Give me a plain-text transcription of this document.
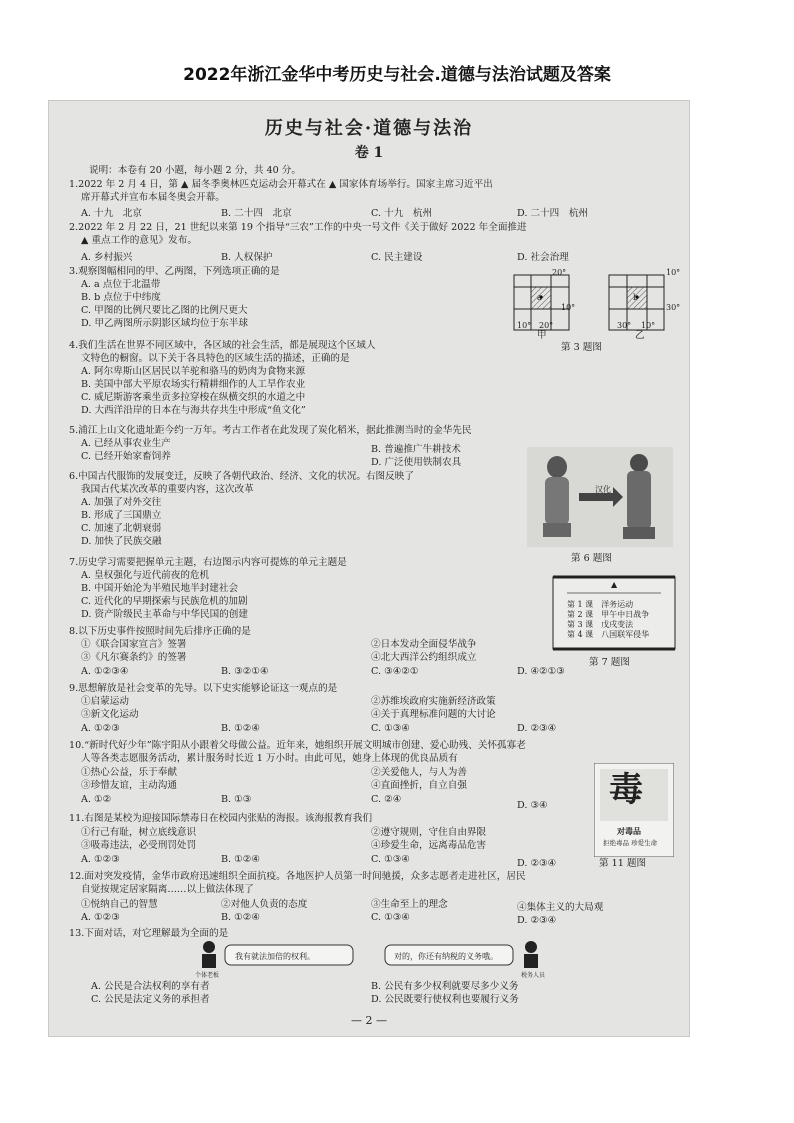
2022年浙江金华中考历史与社会.道德与法治试题及答案
历史与社会·道德与法治
卷 1
说明：本卷有 20 小题，每小题 2 分，共 40 分。
1.2022 年 2 月 4 日，第 ▲ 届冬季奥林匹克运动会开幕式在 ▲ 国家体育场举行。国家主席习近平出
席开幕式并宣布本届冬奥会开幕。
A. 十九　北京	B. 二十四　北京	C. 十九　杭州	D. 二十四　杭州
2.2022 年 2 月 22 日，21 世纪以来第 19 个指导“三农”工作的中央一号文件《关于做好 2022 年全面推进
▲ 重点工作的意见》发布。
A. 乡村振兴	B. 人权保护	C. 民主建设	D. 社会治理
3.观察图幅相同的甲、乙两图，下列选项正确的是
A. a 点位于北温带
B. b 点位于中纬度
C. 甲图的比例尺要比乙图的比例尺更大
D. 甲乙两图所示阴影区域均位于东半球
20°
10°
10° 20°
a	b
10°
30°
30° 10°
甲	乙
第 3 题图
4.我们生活在世界不同区域中，各区域的社会生活，都是展现这个区域人
文特色的橱窗。以下关于各具特色的区域生活的描述，正确的是
A. 阿尔卑斯山区居民以羊驼和骆马的奶肉为食物来源
B. 美国中部大平原农场实行精耕细作的人工旱作农业
C. 威尼斯游客乘坐贡多拉穿梭在纵横交织的水道之中
D. 大西洋沿岸的日本在与海共存共生中形成“鱼文化”
5.浦江上山文化遗址距今约一万年。考古工作者在此发现了炭化稻米，据此推测当时的金华先民
A. 已经从事农业生产
B. 普遍推广牛耕技术
C. 已经开始家畜饲养
D. 广泛使用铁制农具
汉化
第 6 题图
6.中国古代服饰的发展变迁，反映了各朝代政治、经济、文化的状况。右图反映了
我国古代某次改革的重要内容，这次改革
A. 加强了对外交往
B. 形成了三国鼎立
C. 加速了北朝衰弱
D. 加快了民族交融
7.历史学习需要把握单元主题，右边图示内容可提炼的单元主题是
A. 皇权强化与近代前夜的危机
B. 中国开始沦为半殖民地半封建社会
C. 近代化的早期探索与民族危机的加剧
D. 资产阶级民主革命与中华民国的创建
▲
第 1 课　洋务运动
第 2 课　甲午中日战争
第 3 课　戊戌变法
第 4 课　八国联军侵华
第 7 题图
8.以下历史事件按照时间先后排序正确的是
①《联合国家宣言》签署	②日本发动全面侵华战争
③《凡尔赛条约》的签署	④北大西洋公约组织成立
A. ①②③④	B. ③②①④	C. ③④②①	D. ④②①③
9.思想解放是社会变革的先导。以下史实能够论证这一观点的是
①启蒙运动	②苏维埃政府实施新经济政策
③新文化运动	④关于真理标准问题的大讨论
A. ①②③	B. ①②④	C. ①③④	D. ②③④
10.“新时代好少年”陈宇阳从小跟着父母做公益。近年来，她组织开展文明城市创建、爱心助残、关怀孤寡老
人等各类志愿服务活动，累计服务时长近 1 万小时。由此可见，她身上体现的优良品质有
①热心公益，乐于奉献	②关爱他人，与人为善
③珍惜友谊，主动沟通	④直面挫折，自立自强
A. ①②	B. ①③	C. ②④
D. ③④ 毒
对毒品
拒绝毒品 珍爱生命
第 11 题图
11.右图是某校为迎接国际禁毒日在校园内张贴的海报。该海报教育我们
①行己有耻，树立底线意识	②遵守规则，守住自由界限
③吸毒违法，必受刑罚处罚	④珍爱生命，远离毒品危害
A. ①②③	B. ①②④	C. ①③④	D. ②③④
12.面对突发疫情，金华市政府迅速组织全面抗疫。各地医护人员第一时间驰援，众多志愿者走进社区，居民
自觉按规定居家隔离……以上做法体现了
①悦纳自己的智慧	②对他人负责的态度	③生命至上的理念	④集体主义的大局观
A. ①②③	B. ①②④	C. ①③④	D. ②③④
13.下面对话，对它理解最为全面的是
我有就法加倍的权利。	对的，你还有纳税的义务哦。
个体老板	税务人员
A. 公民是合法权利的享有者	B. 公民有多少权利就要尽多少义务
C. 公民是法定义务的承担者	D. 公民既要行使权利也要履行义务
— 2 —
